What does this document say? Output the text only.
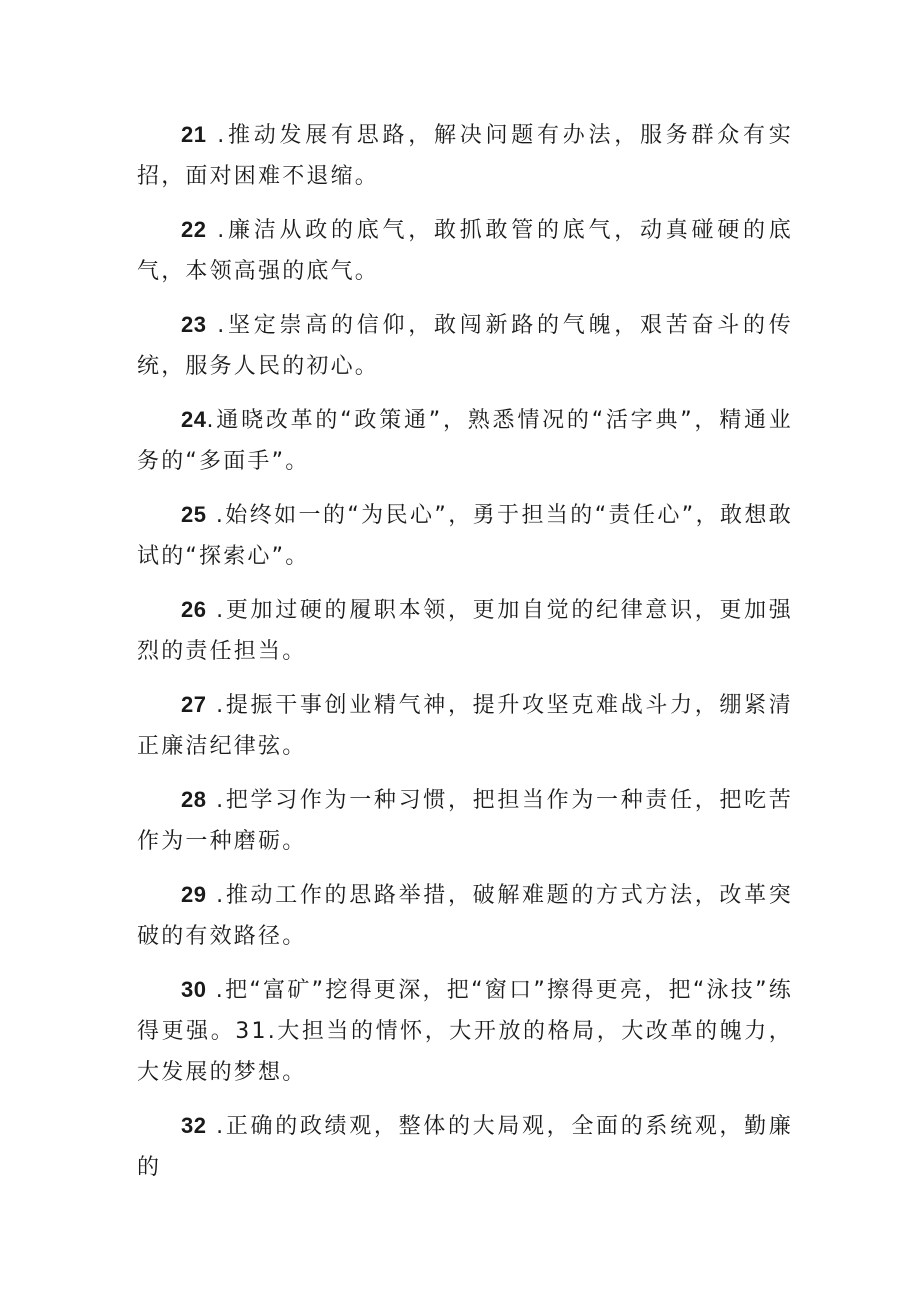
21 .推动发展有思路，解决问题有办法，服务群众有实招，面对困难不退缩。

22 .廉洁从政的底气，敢抓敢管的底气，动真碰硬的底气，本领高强的底气。

23 .坚定崇高的信仰，敢闯新路的气魄，艰苦奋斗的传统，服务人民的初心。

24.通晓改革的“政策通”，熟悉情况的“活字典”，精通业务的“多面手”。

25 .始终如一的“为民心”，勇于担当的“责任心”，敢想敢试的“探索心”。

26 .更加过硬的履职本领，更加自觉的纪律意识，更加强烈的责任担当。

27 .提振干事创业精气神，提升攻坚克难战斗力，绷紧清正廉洁纪律弦。

28 .把学习作为一种习惯，把担当作为一种责任，把吃苦作为一种磨砺。

29 .推动工作的思路举措，破解难题的方式方法，改革突破的有效路径。

30 .把“富矿”挖得更深，把“窗口”擦得更亮，把“泳技”练得更强。31.大担当的情怀，大开放的格局，大改革的魄力，大发展的梦想。

32 .正确的政绩观，整体的大局观，全面的系统观，勤廉的
